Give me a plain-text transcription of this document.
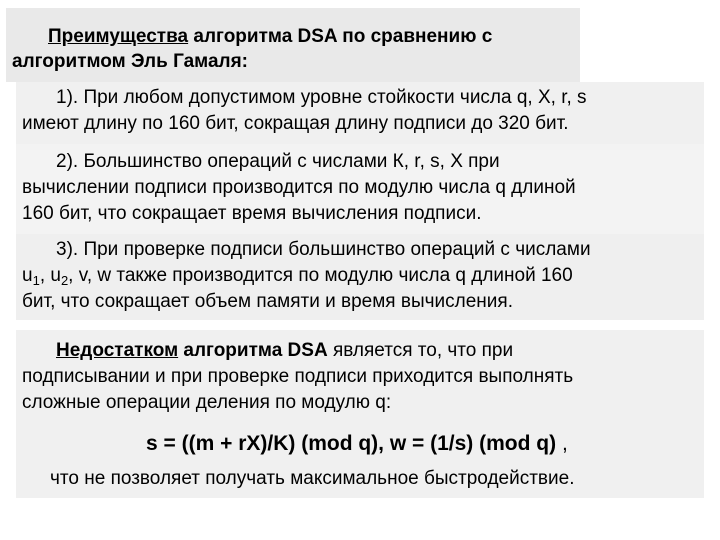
Преимущества алгоритма DSA по сравнению с
алгоритмом Эль Гамаля:

1). При любом допустимом уровне стойкости числа q, X, r, s
имеют длину по 160 бит, сокращая длину подписи до 320 бит.

2). Большинство операций с числами К, r, s, X при
вычислении подписи производится по модулю числа q длиной
160 бит, что сокращает время вычисления подписи.

3). При проверке подписи большинство операций с числами
$u_1$, $u_2$, v, w также производится по модулю числа q длиной 160
бит, что сокращает объем памяти и время вычисления.

Недостатком алгоритма DSA является то, что при
подписывании и при проверке подписи приходится выполнять
сложные операции деления по модулю q:

s = ((m + rX)/K) (mod q), w = (1/s) (mod q) ,

что не позволяет получать максимальное быстродействие.
